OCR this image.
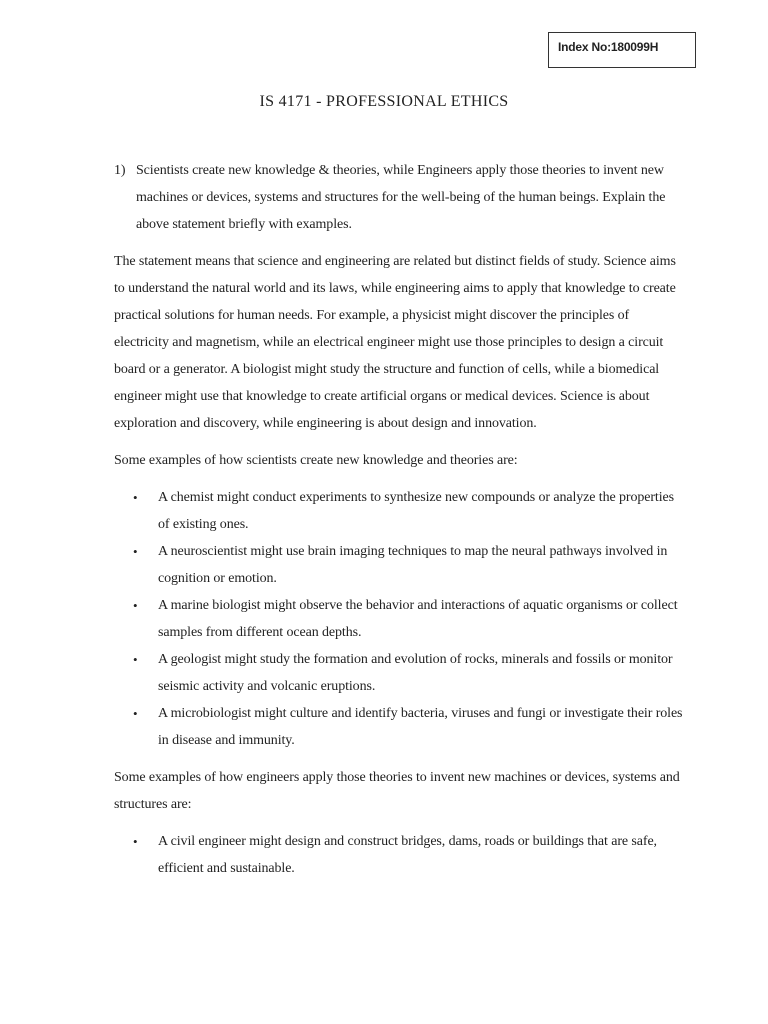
Index No:180099H
IS 4171 - PROFESSIONAL ETHICS
1) Scientists create new knowledge & theories, while Engineers apply those theories to invent new machines or devices, systems and structures for the well-being of the human beings. Explain the above statement briefly with examples.

The statement means that science and engineering are related but distinct fields of study. Science aims to understand the natural world and its laws, while engineering aims to apply that knowledge to create practical solutions for human needs. For example, a physicist might discover the principles of electricity and magnetism, while an electrical engineer might use those principles to design a circuit board or a generator. A biologist might study the structure and function of cells, while a biomedical engineer might use that knowledge to create artificial organs or medical devices. Science is about exploration and discovery, while engineering is about design and innovation.

Some examples of how scientists create new knowledge and theories are:

• A chemist might conduct experiments to synthesize new compounds or analyze the properties of existing ones.
• A neuroscientist might use brain imaging techniques to map the neural pathways involved in cognition or emotion.
• A marine biologist might observe the behavior and interactions of aquatic organisms or collect samples from different ocean depths.
• A geologist might study the formation and evolution of rocks, minerals and fossils or monitor seismic activity and volcanic eruptions.
• A microbiologist might culture and identify bacteria, viruses and fungi or investigate their roles in disease and immunity.

Some examples of how engineers apply those theories to invent new machines or devices, systems and structures are:

• A civil engineer might design and construct bridges, dams, roads or buildings that are safe, efficient and sustainable.
